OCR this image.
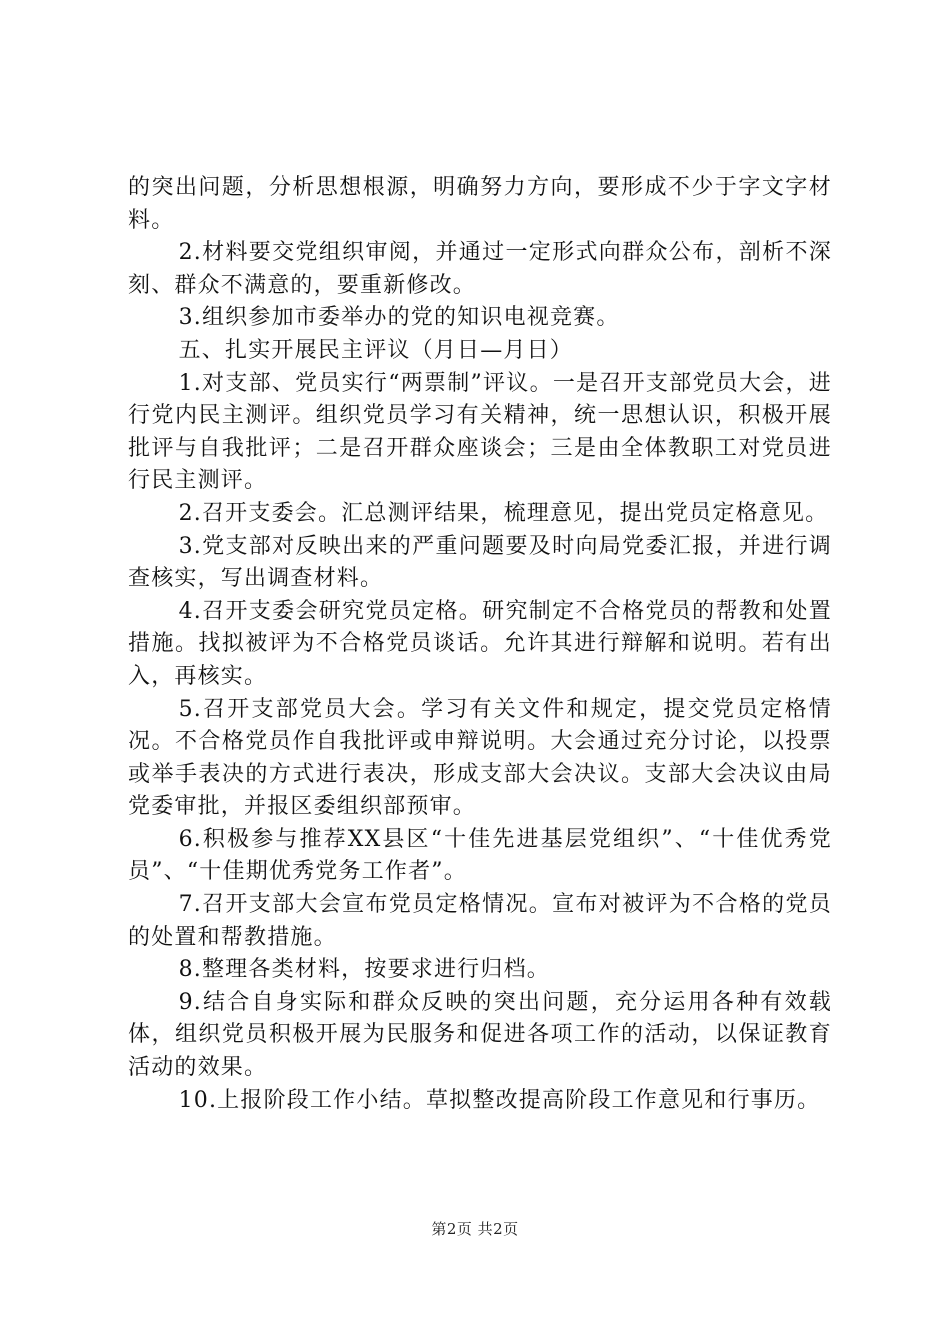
的突出问题，分析思想根源，明确努力方向，要形成不少于字文字材料。

2.材料要交党组织审阅，并通过一定形式向群众公布，剖析不深刻、群众不满意的，要重新修改。

3.组织参加市委举办的党的知识电视竞赛。

五、扎实开展民主评议（月日—月日）

1.对支部、党员实行“两票制”评议。一是召开支部党员大会，进行党内民主测评。组织党员学习有关精神，统一思想认识，积极开展批评与自我批评；二是召开群众座谈会；三是由全体教职工对党员进行民主测评。

2.召开支委会。汇总测评结果，梳理意见，提出党员定格意见。

3.党支部对反映出来的严重问题要及时向局党委汇报，并进行调查核实，写出调查材料。

4.召开支委会研究党员定格。研究制定不合格党员的帮教和处置措施。找拟被评为不合格党员谈话。允许其进行辩解和说明。若有出入，再核实。

5.召开支部党员大会。学习有关文件和规定，提交党员定格情况。不合格党员作自我批评或申辩说明。大会通过充分讨论，以投票或举手表决的方式进行表决，形成支部大会决议。支部大会决议由局党委审批，并报区委组织部预审。

6.积极参与推荐XX县区“十佳先进基层党组织”、“十佳优秀党员”、“十佳期优秀党务工作者”。

7.召开支部大会宣布党员定格情况。宣布对被评为不合格的党员的处置和帮教措施。

8.整理各类材料，按要求进行归档。

9.结合自身实际和群众反映的突出问题，充分运用各种有效载体，组织党员积极开展为民服务和促进各项工作的活动，以保证教育活动的效果。

10.上报阶段工作小结。草拟整改提高阶段工作意见和行事历。

第2页 共2页
